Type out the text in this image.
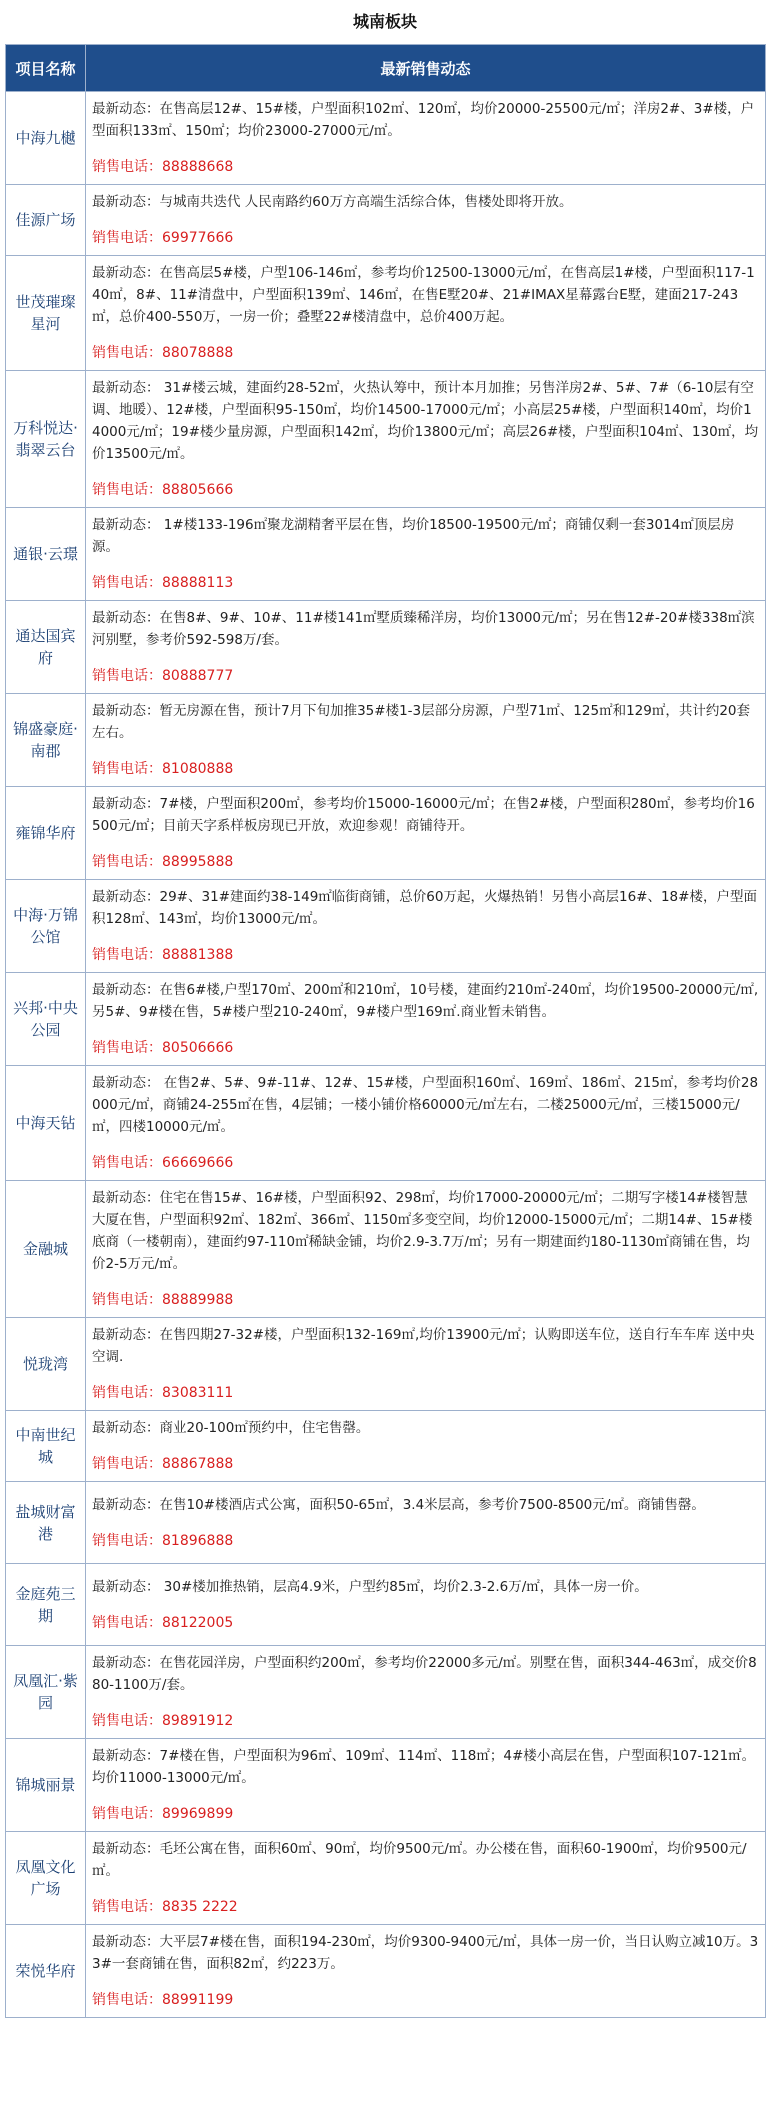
城南板块
项目名称	最新销售动态
中海九樾	最新动态：在售高层12#、15#楼，户型面积102㎡、120㎡，均价20000-25500元/㎡；洋房2#、3#楼，户型面积133㎡、150㎡；均价23000-27000元/㎡。
销售电话：88888668

佳源广场	最新动态：与城南共迭代 人民南路约60万方高端生活综合体，售楼处即将开放。
销售电话：69977666

世茂璀璨星河	最新动态：在售高层5#楼，户型106-146㎡，参考均价12500-13000元/㎡，在售高层1#楼，户型面积117-140㎡，8#、11#清盘中，户型面积139㎡、146㎡，在售E墅20#、21#IMAX星幕露台E墅，建面217-243㎡，总价400-550万，一房一价；叠墅22#楼清盘中，总价400万起。
销售电话：88078888

万科悦达·翡翠云台	最新动态： 31#楼云城，建面约28-52㎡，火热认筹中，预计本月加推；另售洋房2#、5#、7#（6-10层有空调、地暖）、12#楼，户型面积95-150㎡，均价14500-17000元/㎡；小高层25#楼，户型面积140㎡，均价14000元/㎡；19#楼少量房源，户型面积142㎡，均价13800元/㎡；高层26#楼，户型面积104㎡、130㎡，均价13500元/㎡。
销售电话：88805666

通银·云璟	最新动态： 1#楼133-196㎡聚龙湖精奢平层在售，均价18500-19500元/㎡；商铺仅剩一套3014㎡顶层房源。
销售电话：88888113

通达国宾府	最新动态：在售8#、9#、10#、11#楼141㎡墅质臻稀洋房，均价13000元/㎡；另在售12#-20#楼338㎡滨河别墅，参考价592-598万/套。
销售电话：80888777

锦盛豪庭·南郡	最新动态：暂无房源在售，预计7月下旬加推35#楼1-3层部分房源，户型71㎡、125㎡和129㎡，共计约20套左右。
销售电话：81080888

雍锦华府	最新动态：7#楼，户型面积200㎡，参考均价15000-16000元/㎡；在售2#楼，户型面积280㎡，参考均价16500元/㎡；目前天字系样板房现已开放，欢迎参观！商铺待开。
销售电话：88995888

中海·万锦公馆	最新动态：29#、31#建面约38-149㎡临街商铺，总价60万起，火爆热销！另售小高层16#、18#楼，户型面积128㎡、143㎡，均价13000元/㎡。
销售电话：88881388

兴邦·中央公园	最新动态：在售6#楼,户型170㎡、200㎡和210㎡，10号楼，建面约210㎡-240㎡，均价19500-20000元/㎡,另5#、9#楼在售，5#楼户型210-240㎡，9#楼户型169㎡.商业暂未销售。
销售电话：80506666

中海天钻	最新动态： 在售2#、5#、9#-11#、12#、15#楼，户型面积160㎡、169㎡、186㎡、215㎡，参考均价28000元/㎡，商铺24-255㎡在售，4层铺；一楼小铺价格60000元/㎡左右，二楼25000元/㎡，三楼15000元/㎡，四楼10000元/㎡。
销售电话：66669666

金融城	最新动态：住宅在售15#、16#楼，户型面积92、298㎡，均价17000-20000元/㎡；二期写字楼14#楼智慧大厦在售，户型面积92㎡、182㎡、366㎡、1150㎡多变空间，均价12000-15000元/㎡；二期14#、15#楼底商（一楼朝南），建面约97-110㎡稀缺金铺，均价2.9-3.7万/㎡；另有一期建面约180-1130㎡商铺在售，均价2-5万元/㎡。
销售电话：88889988

悦珑湾	最新动态：在售四期27-32#楼，户型面积132-169㎡,均价13900元/㎡；认购即送车位，送自行车车库 送中央空调.
销售电话：83083111

中南世纪城	最新动态：商业20-100㎡预约中，住宅售罄。
销售电话：88867888

盐城财富港	最新动态：在售10#楼酒店式公寓，面积50-65㎡，3.4米层高，参考价7500-8500元/㎡。商铺售罄。
销售电话：81896888

金庭苑三期	最新动态： 30#楼加推热销，层高4.9米，户型约85㎡，均价2.3-2.6万/㎡，具体一房一价。
销售电话：88122005

凤凰汇·紫园	最新动态：在售花园洋房，户型面积约200㎡，参考均价22000多元/㎡。别墅在售，面积344-463㎡，成交价880-1100万/套。
销售电话：89891912

锦城丽景	最新动态：7#楼在售，户型面积为96㎡、109㎡、114㎡、118㎡；4#楼小高层在售，户型面积107-121㎡。均价11000-13000元/㎡。
销售电话：89969899

凤凰文化广场	最新动态：毛坯公寓在售，面积60㎡、90㎡，均价9500元/㎡。办公楼在售，面积60-1900㎡，均价9500元/㎡。
销售电话：8835 2222

荣悦华府	最新动态：大平层7#楼在售，面积194-230㎡，均价9300-9400元/㎡，具体一房一价，当日认购立减10万。33#一套商铺在售，面积82㎡，约223万。
销售电话：88991199
